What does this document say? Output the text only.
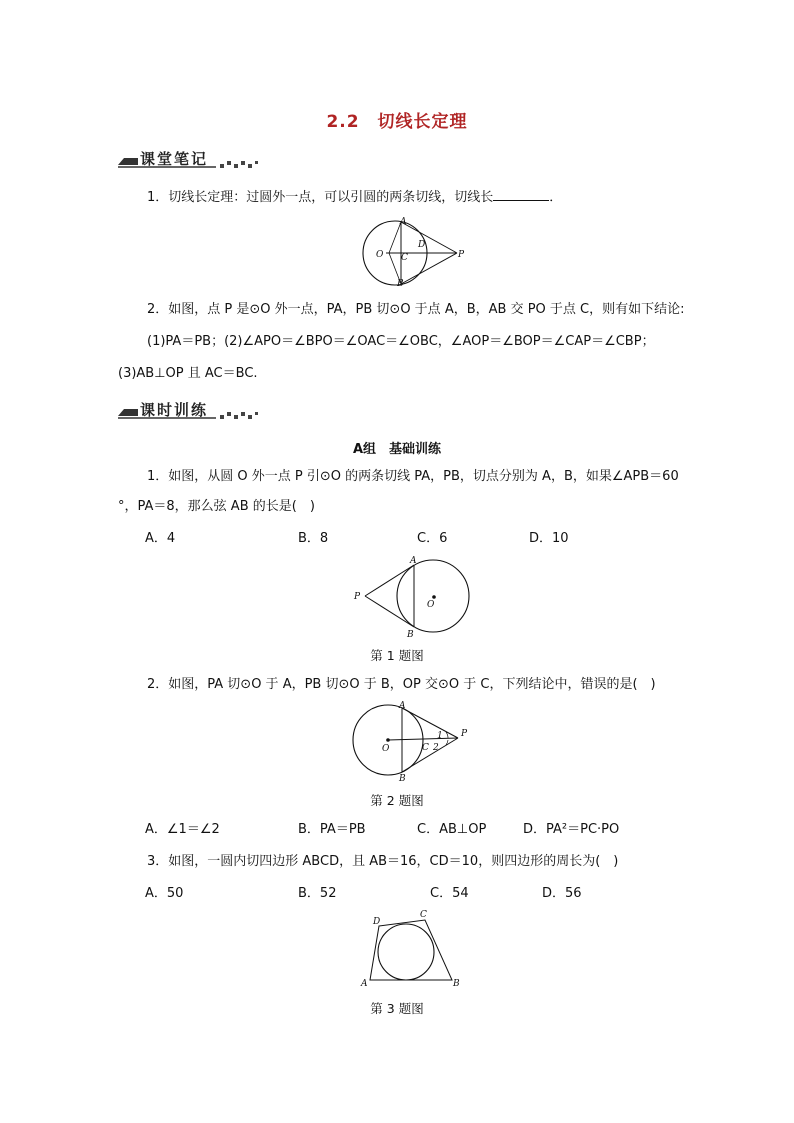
2.2　切线长定理
课堂笔记
1．切线长定理：过圆外一点，可以引圆的两条切线，切线长	．
A
D
O C	P
B
2．如图，点 P 是⊙O 外一点，PA，PB 切⊙O 于点 A，B，AB 交 PO 于点 C，则有如下结论:
(1)PA＝PB；(2)∠APO＝∠BPO＝∠OAC＝∠OBC，∠AOP＝∠BOP＝∠CAP＝∠CBP；
(3)AB⊥OP 且 AC＝BC.
课时训练
A组　基础训练
1．如图，从圆 O 外一点 P 引⊙O 的两条切线 PA，PB，切点分别为 A，B，如果∠APB＝60
°，PA＝8，那么弦 AB 的长是(　)
A．4	B．8	C．6	D．10
A
P
O
B
第 1 题图
2．如图，PA 切⊙O 于 A，PB 切⊙O 于 B，OP 交⊙O 于 C，下列结论中，错误的是(　)
A
P
O	C
1
2
B
第 2 题图
A．∠1＝∠2	B．PA＝PB	C．AB⊥OP	D．PA²＝PC·PO
3．如图，一圆内切四边形 ABCD，且 AB＝16，CD＝10，则四边形的周长为(　)
A．50	B．52	C．54	D．56
D
C
A	B
第 3 题图
